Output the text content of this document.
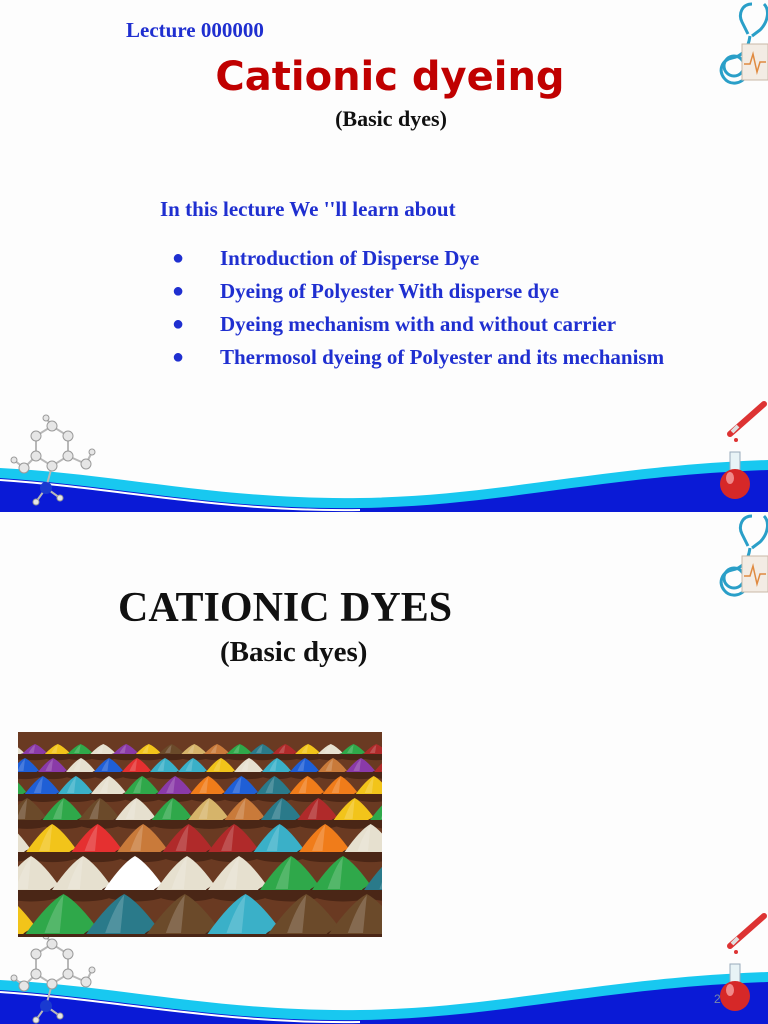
Lecture 000000
Cationic dyeing
(Basic dyes)
In this lecture We ''ll learn about
● Introduction of Disperse Dye
● Dyeing of Polyester With disperse dye
● Dyeing mechanism with and without carrier
● Thermosol dyeing of Polyester and its mechanism
CATIONIC DYES
(Basic dyes)
2
